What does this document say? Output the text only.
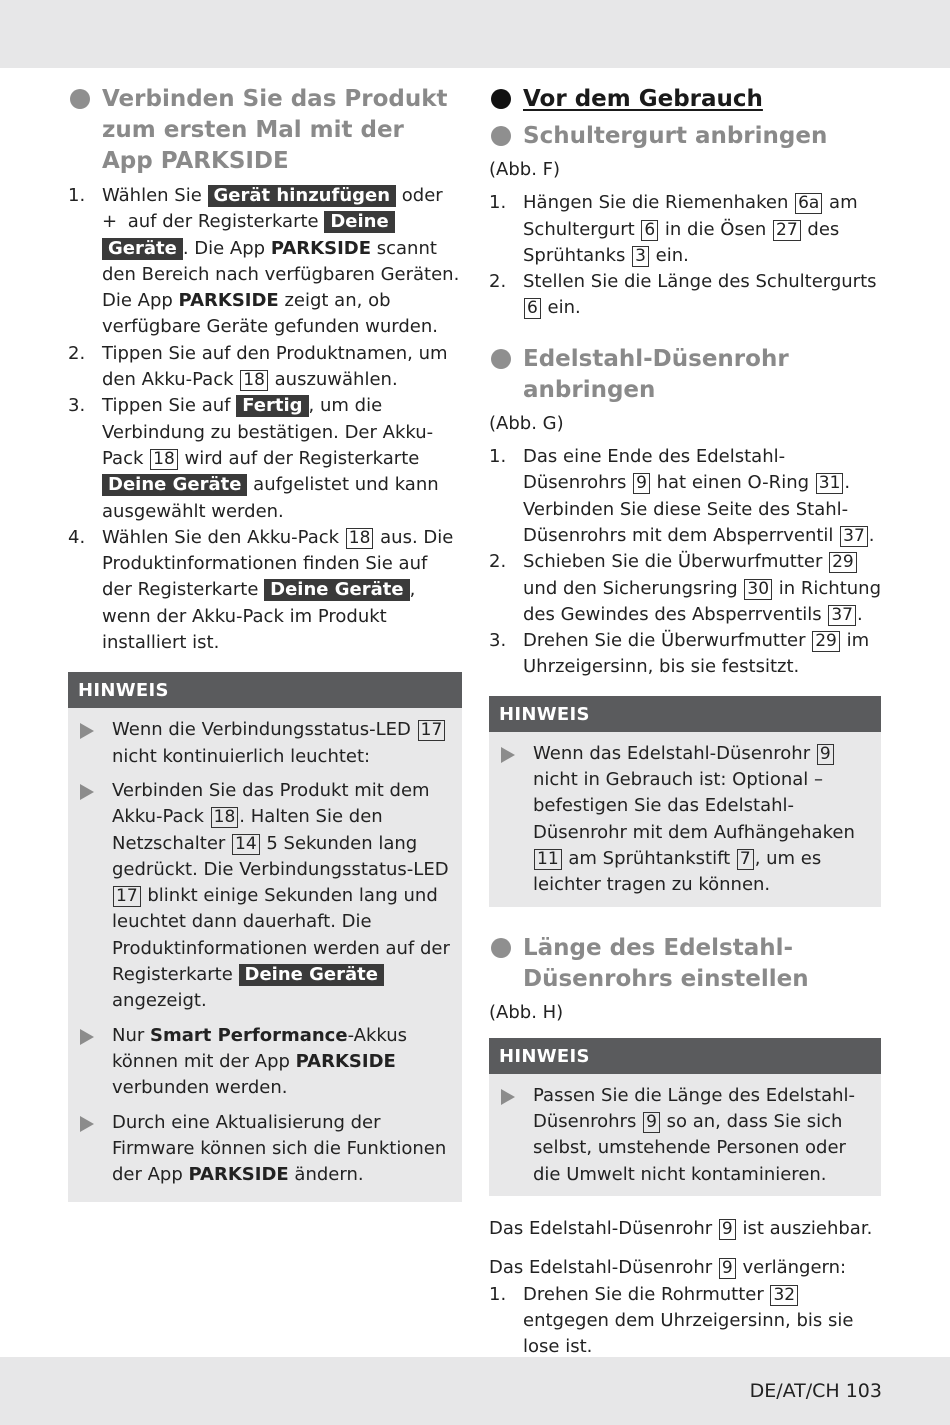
Verbinden Sie das Produkt zum ersten Mal mit der App PARKSIDE
1. Wählen Sie Gerät hinzufügen oder
+ auf der Registerkarte Deine
Geräte . Die App PARKSIDE scannt den Bereich nach verfügbaren Geräten. Die App PARKSIDE zeigt an, ob verfügbare Geräte gefunden wurden.
2. Tippen Sie auf den Produktnamen, um den Akku-Pack 18 auszuwählen.
3. Tippen Sie auf Fertig , um die Verbindung zu bestätigen. Der Akku-Pack 18 wird auf der Registerkarte Deine Geräte aufgelistet und kann ausgewählt werden.
4. Wählen Sie den Akku-Pack 18 aus. Die Produktinformationen finden Sie auf der Registerkarte Deine Geräte , wenn der Akku-Pack im Produkt installiert ist.
HINWEIS
Wenn die Verbindungsstatus-LED 17 nicht kontinuierlich leuchtet:
Verbinden Sie das Produkt mit dem Akku-Pack 18 . Halten Sie den Netzschalter 14 5 Sekunden lang gedrückt. Die Verbindungsstatus-LED 17 blinkt einige Sekunden lang und leuchtet dann dauerhaft. Die Produktinformationen werden auf der Registerkarte Deine Geräte angezeigt.
Nur Smart Performance-Akkus können mit der App PARKSIDE verbunden werden.
Durch eine Aktualisierung der Firmware können sich die Funktionen der App PARKSIDE ändern.
Vor dem Gebrauch
Schultergurt anbringen

(Abb. F)

1. Hängen Sie die Riemenhaken 6a am Schultergurt 6 in die Ösen 27 des Sprühtanks 3 ein.
2. Stellen Sie die Länge des Schultergurts 6 ein.
Edelstahl-Düsenrohr anbringen

(Abb. G)

1. Das eine Ende des Edelstahl-Düsenrohrs 9 hat einen O-Ring 31 . Verbinden Sie diese Seite des Stahl-Düsenrohrs mit dem Absperrventil 37 .
2. Schieben Sie die Überwurfmutter 29 und den Sicherungsring 30 in Richtung des Gewindes des Absperrventils 37 .
3. Drehen Sie die Überwurfmutter 29 im Uhrzeigersinn, bis sie festsitzt.
HINWEIS
Wenn das Edelstahl-Düsenrohr 9 nicht in Gebrauch ist: Optional – befestigen Sie das Edelstahl-Düsenrohr mit dem Aufhängehaken 11 am Sprühtankstift 7 , um es leichter tragen zu können.
Länge des Edelstahl-Düsenrohrs einstellen

(Abb. H)

HINWEIS
Passen Sie die Länge des Edelstahl-Düsenrohrs 9 so an, dass Sie sich selbst, umstehende Personen oder die Umwelt nicht kontaminieren.

Das Edelstahl-Düsenrohr 9 ist ausziehbar.

Das Edelstahl-Düsenrohr 9 verlängern:

1. Drehen Sie die Rohrmutter 32 entgegen dem Uhrzeigersinn, bis sie lose ist.
DE/AT/CH 103
